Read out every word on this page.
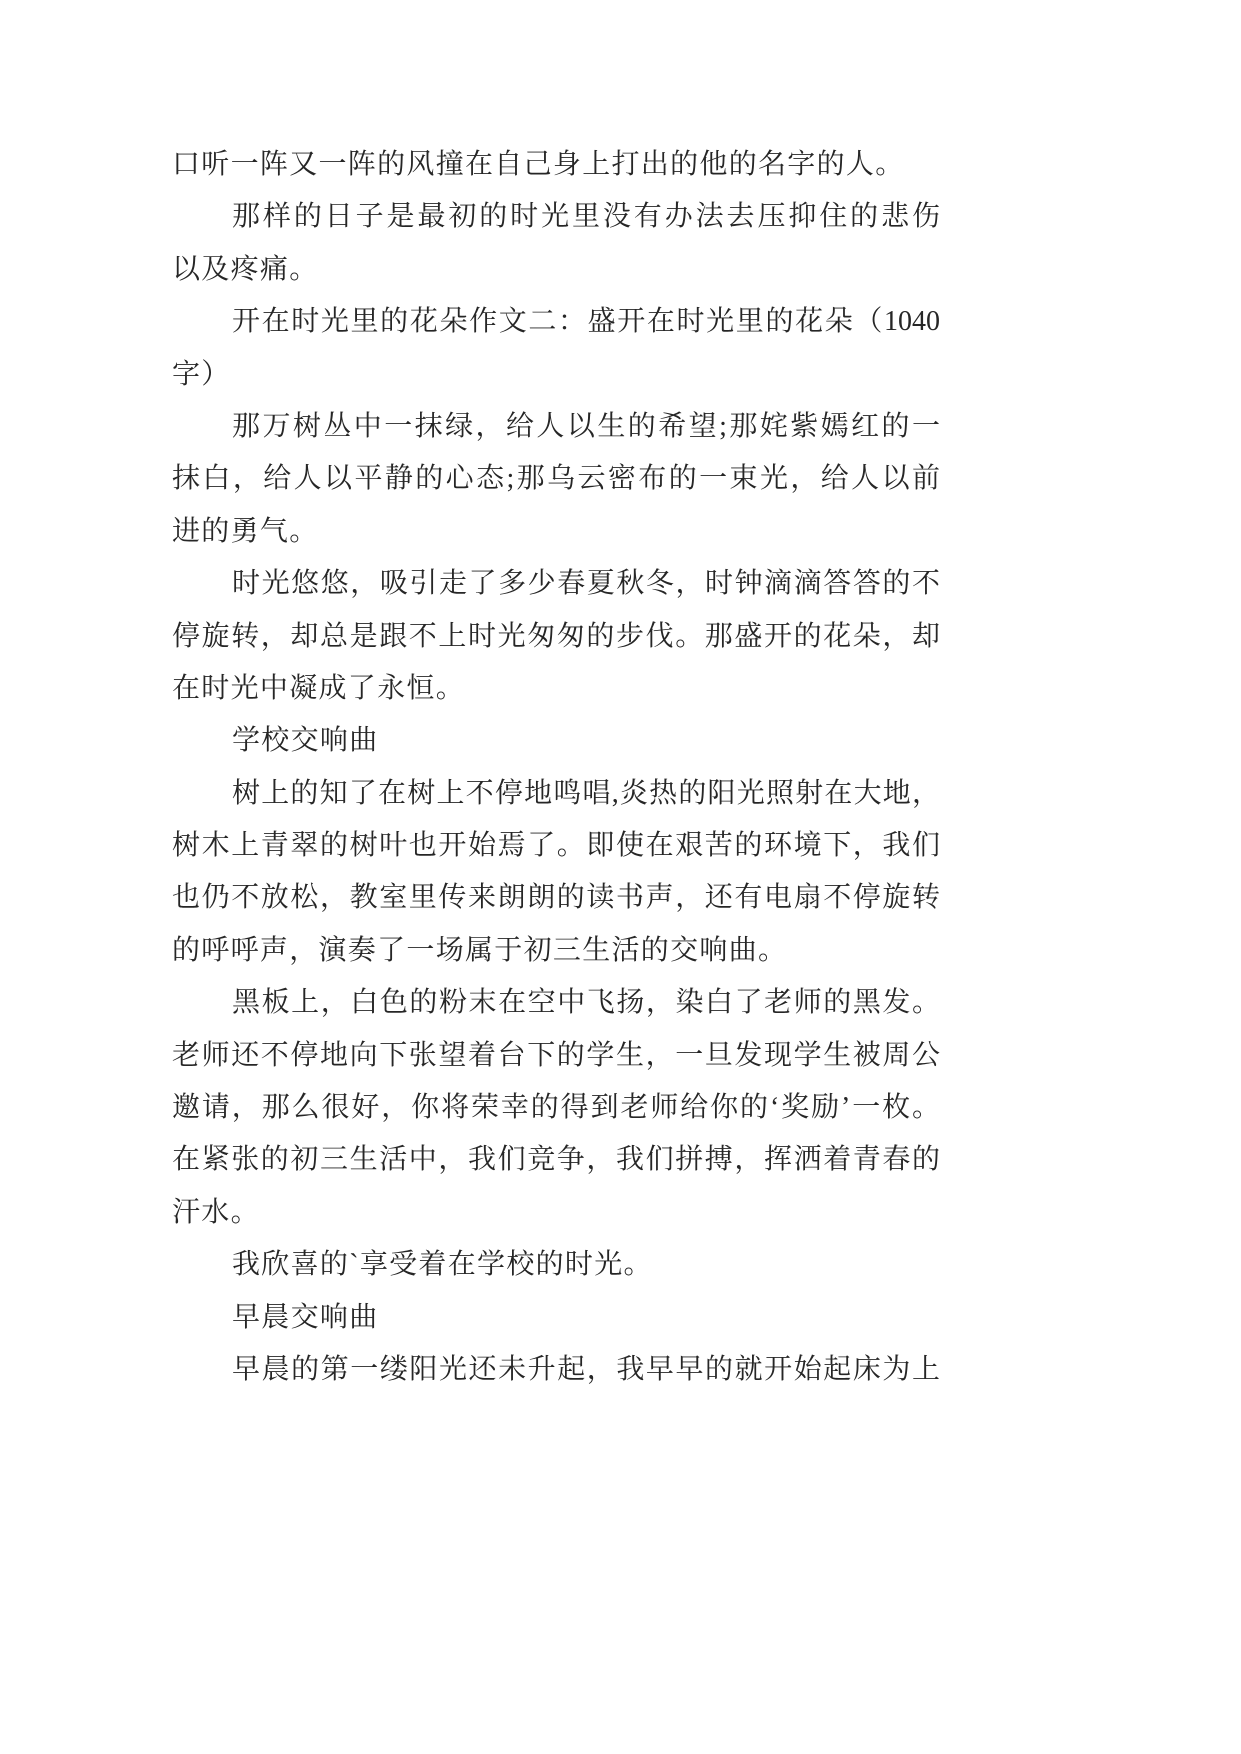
口听一阵又一阵的风撞在自己身上打出的他的名字的人。

那样的日子是最初的时光里没有办法去压抑住的悲伤
以及疼痛。

开在时光里的花朵作文二：盛开在时光里的花朵（1040
字）

那万树丛中一抹绿，给人以生的希望;那姹紫嫣红的一
抹白，给人以平静的心态;那乌云密布的一束光，给人以前
进的勇气。

时光悠悠，吸引走了多少春夏秋冬，时钟滴滴答答的不
停旋转，却总是跟不上时光匆匆的步伐。那盛开的花朵，却
在时光中凝成了永恒。

学校交响曲

树上的知了在树上不停地鸣唱,炎热的阳光照射在大地，
树木上青翠的树叶也开始焉了。即使在艰苦的环境下，我们
也仍不放松，教室里传来朗朗的读书声，还有电扇不停旋转
的呼呼声，演奏了一场属于初三生活的交响曲。

黑板上，白色的粉末在空中飞扬，染白了老师的黑发。
老师还不停地向下张望着台下的学生，一旦发现学生被周公
邀请，那么很好，你将荣幸的得到老师给你的‘奖励’一枚。
在紧张的初三生活中，我们竞争，我们拼搏，挥洒着青春的
汗水。

我欣喜的`享受着在学校的时光。

早晨交响曲

早晨的第一缕阳光还未升起，我早早的就开始起床为上
